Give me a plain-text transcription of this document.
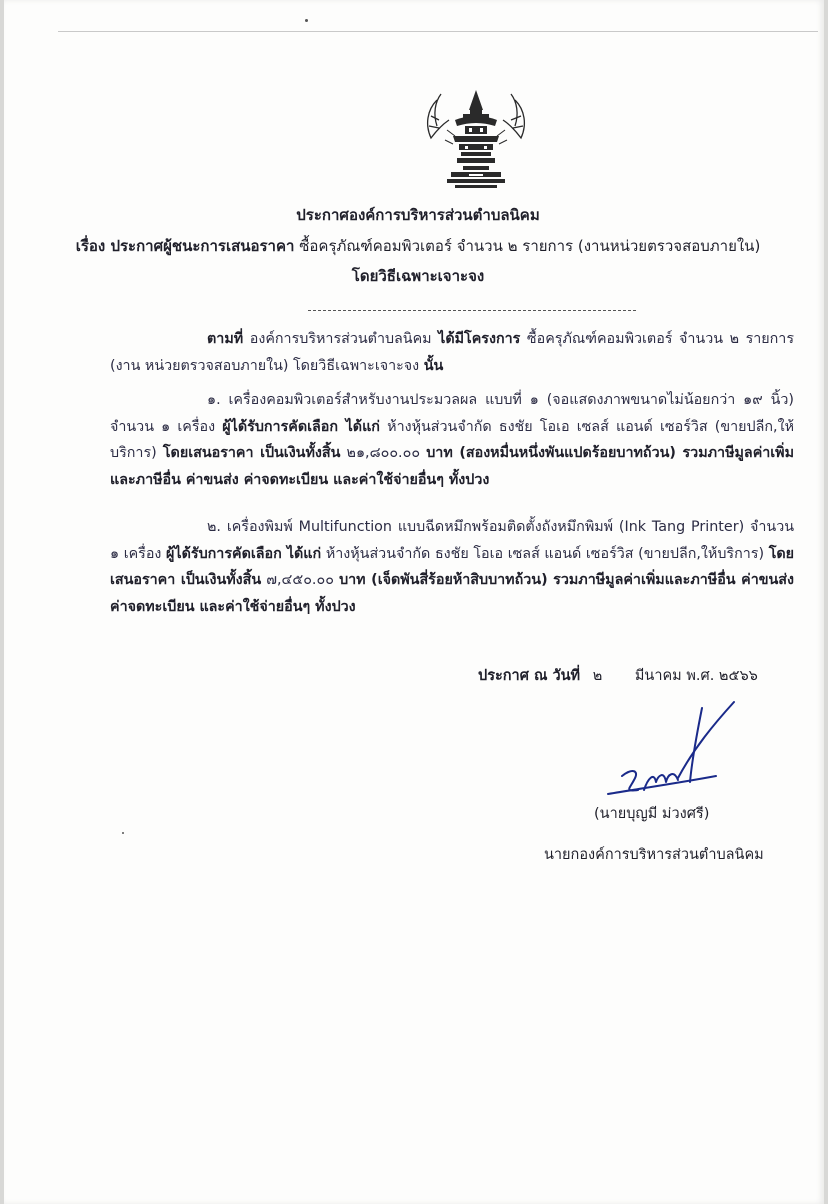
ประกาศองค์การบริหารส่วนตำบลนิคม
เรื่อง ประกาศผู้ชนะการเสนอราคา ซื้อครุภัณฑ์คอมพิวเตอร์ จำนวน ๒ รายการ (งานหน่วยตรวจสอบภายใน)
โดยวิธีเฉพาะเจาะจง
ตามที่ องค์การบริหารส่วนตำบลนิคม ได้มีโครงการ ซื้อครุภัณฑ์คอมพิวเตอร์ จำนวน ๒ รายการ (งาน หน่วยตรวจสอบภายใน) โดยวิธีเฉพาะเจาะจง นั้น
๑. เครื่องคอมพิวเตอร์สำหรับงานประมวลผล แบบที่ ๑ (จอแสดงภาพขนาดไม่น้อยกว่า ๑๙ นิ้ว) จำนวน ๑ เครื่อง ผู้ได้รับการคัดเลือก ได้แก่ ห้างหุ้นส่วนจำกัด ธงชัย โอเอ เซลส์ แอนด์ เซอร์วิส (ขายปลีก,ให้บริการ) โดยเสนอราคา เป็นเงินทั้งสิ้น ๒๑,๘๐๐.๐๐ บาท (สองหมื่นหนึ่งพันแปดร้อยบาทถ้วน) รวมภาษีมูลค่าเพิ่มและภาษีอื่น ค่าขนส่ง ค่าจดทะเบียน และค่าใช้จ่ายอื่นๆ ทั้งปวง
๒. เครื่องพิมพ์ Multifunction แบบฉีดหมึกพร้อมติดตั้งถังหมึกพิมพ์ (Ink Tang Printer) จำนวน ๑ เครื่อง ผู้ได้รับการคัดเลือก ได้แก่ ห้างหุ้นส่วนจำกัด ธงชัย โอเอ เซลส์ แอนด์ เซอร์วิส (ขายปลีก,ให้บริการ) โดยเสนอราคา เป็นเงินทั้งสิ้น ๗,๔๕๐.๐๐ บาท (เจ็ดพันสี่ร้อยห้าสิบบาทถ้วน) รวมภาษีมูลค่าเพิ่มและภาษีอื่น ค่าขนส่ง ค่าจดทะเบียน และค่าใช้จ่ายอื่นๆ ทั้งปวง
ประกาศ ณ วันที่ ๒ มีนาคม พ.ศ. ๒๕๖๖
(นายบุญมี ม่วงศรี)
นายกองค์การบริหารส่วนตำบลนิคม
